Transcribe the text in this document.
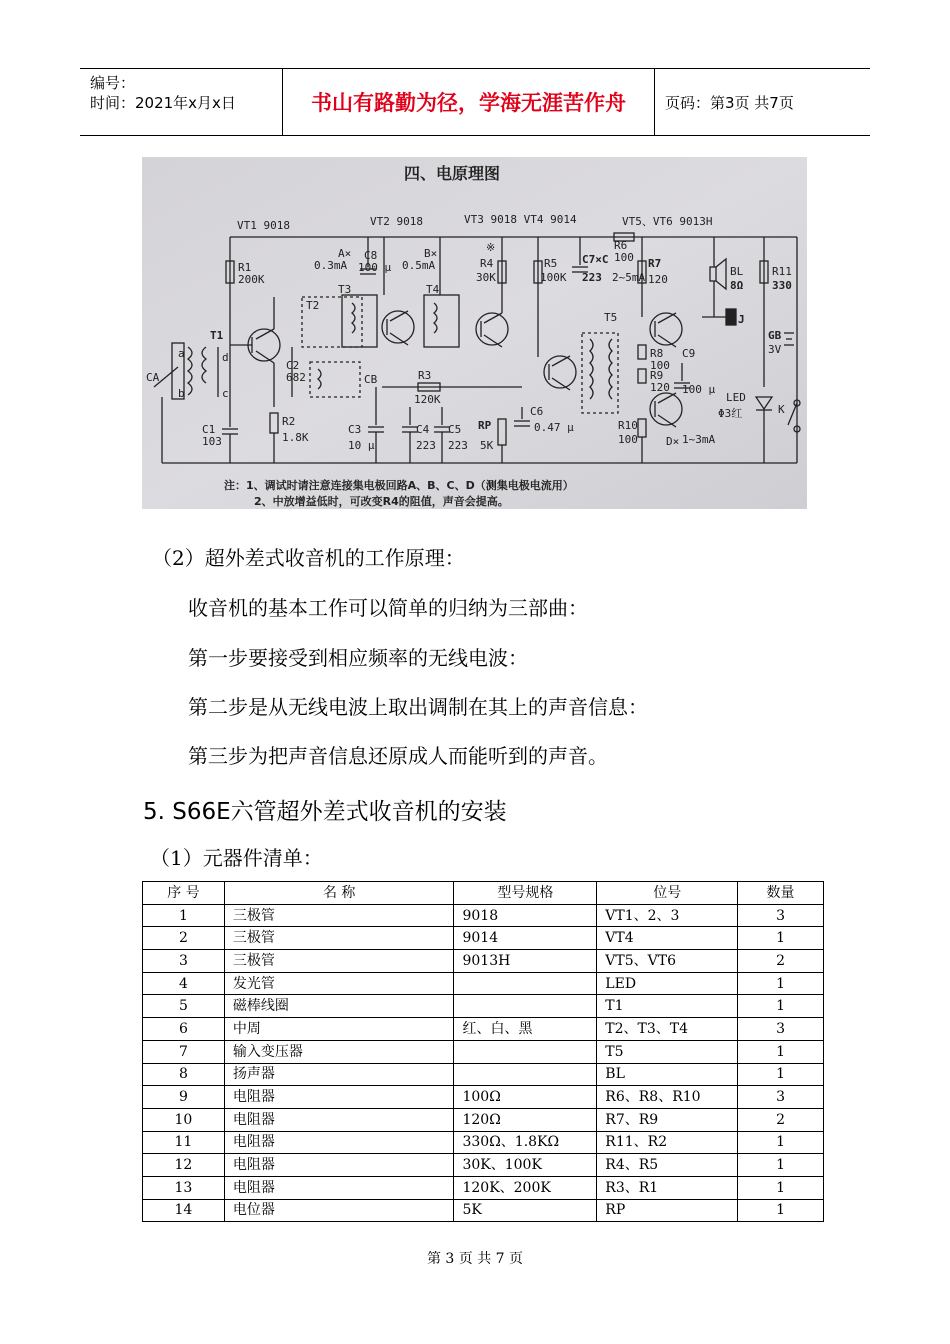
编号：
时间：2021年x月x日	书山有路勤为径，学海无涯苦作舟	页码：第3页 共7页
四、电原理图
VT1 9018	VT2 9018	VT3 9018 VT4 9014	VT5、VT6 9013H
R1
200K
T1
a
b	c
d
CA
C1
103
C2
682
R2
1.8K
T2
T3
CB
A×
0.3mA
C8
100 μ
B×
0.5mA
T4
R3
120K
C3
10 μ
C4
223
C5
223
RP
5K
※
R4
30K
R5
100K
C6
0.47 μ
C7×C
223
R6
100
2~5mA
R7
120
T5
R8
100
R9
120
C9
100 μ
R10
100	D× 1~3mA
BL
8Ω
J
R11
330
GB
3V
LED
Φ3红	K
注：1、调试时请注意连接集电极回路A、B、C、D（测集电极电流用）
2、中放增益低时，可改变R4的阻值，声音会提高。
（2）超外差式收音机的工作原理：
收音机的基本工作可以简单的归纳为三部曲：
第一步要接受到相应频率的无线电波：
第二步是从无线电波上取出调制在其上的声音信息：
第三步为把声音信息还原成人而能听到的声音。
5. S66E六管超外差式收音机的安装
（1）元器件清单：
序 号	名 称	型号规格	位号	数量
1	三极管	9018	VT1、2、3	3
2	三极管	9014	VT4	1
3	三极管	9013H	VT5、VT6	2
4	发光管		LED	1
5	磁棒线圈		T1	1
6	中周	红、白、黑	T2、T3、T4	3
7	输入变压器		T5	1
8	扬声器		BL	1
9	电阻器	100Ω	R6、R8、R10	3
10	电阻器	120Ω	R7、R9	2
11	电阻器	330Ω、1.8KΩ	R11、R2	1
12	电阻器	30K、100K	R4、R5	1
13	电阻器	120K、200K	R3、R1	1
14	电位器	5K	RP	1
第 3 页 共 7 页
